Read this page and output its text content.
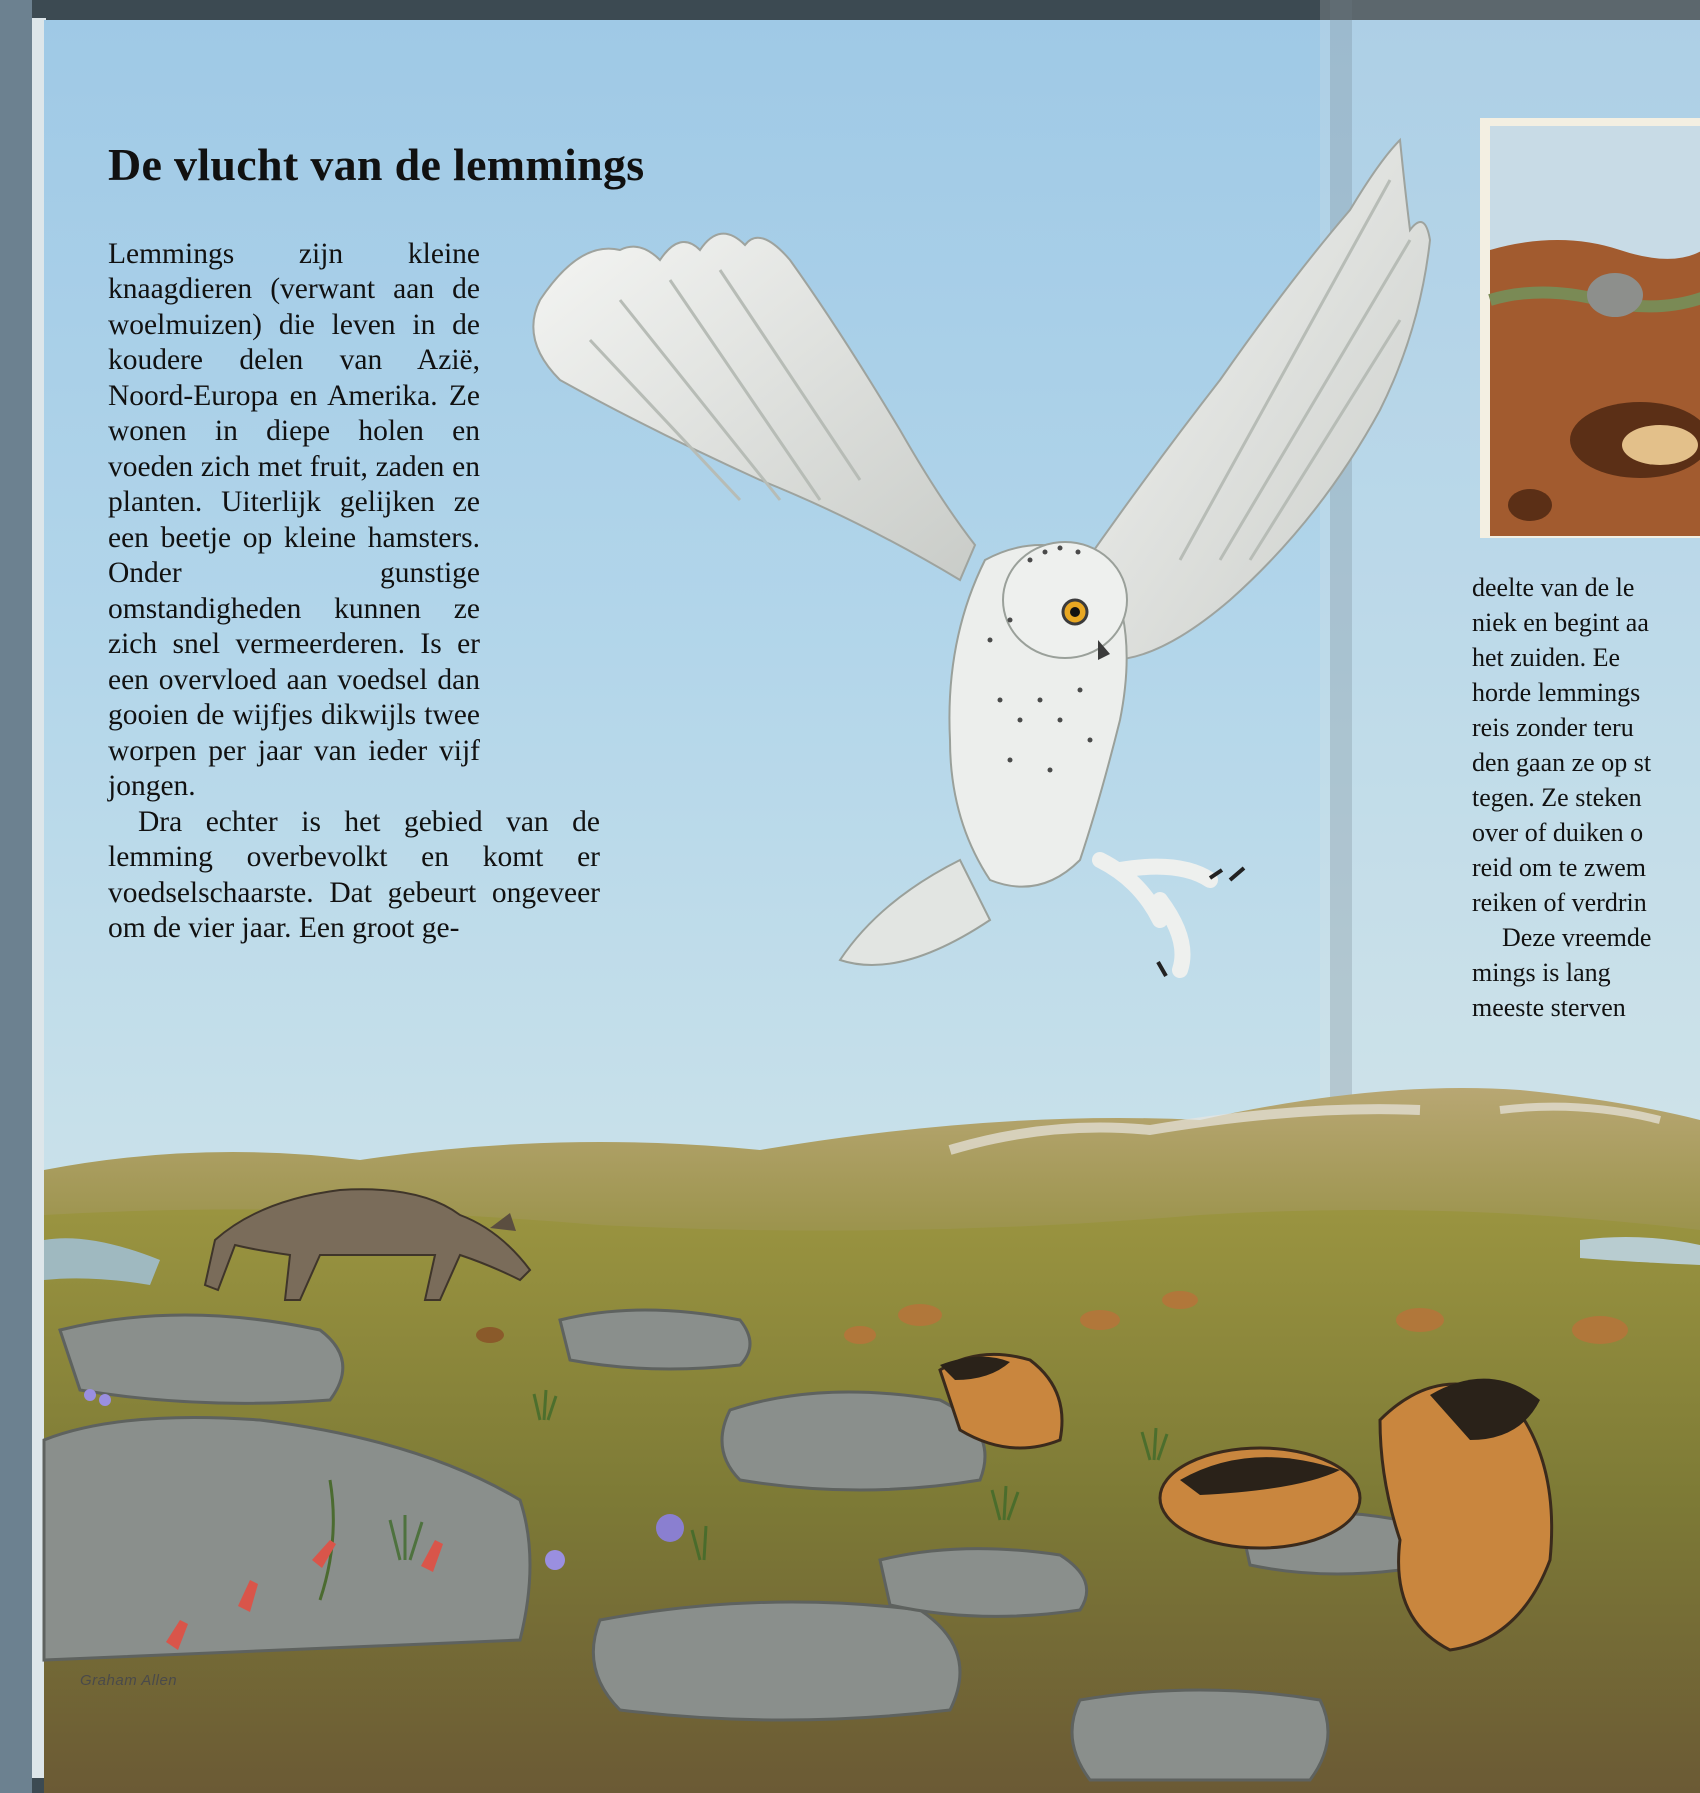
De vlucht van de lemmings

Lemmings zijn kleine knaagdieren (verwant aan de woelmuizen) die leven in de koudere delen van Azië, Noord-Europa en Amerika. Ze wonen in diepe holen en voeden zich met fruit, zaden en planten. Uiterlijk gelijken ze een beetje op kleine hamsters. Onder gunstige omstandigheden kunnen ze zich snel vermeerderen. Is er een overvloed aan voedsel dan gooien de wijfjes dikwijls twee worpen per jaar van ieder vijf jongen.

Dra echter is het gebied van de lemming overbevolkt en komt er voedselschaarste. Dat gebeurt ongeveer om de vier jaar. Een groot ge-

deelte van de le
niek en begint aa
het zuiden. Ee
horde lemmings
reis zonder teru
den gaan ze op st
tegen. Ze steken
over of duiken o
reid om te zwem
reiken of verdrin
Deze vreemde
mings is lang
meeste sterven
Graham Allen
